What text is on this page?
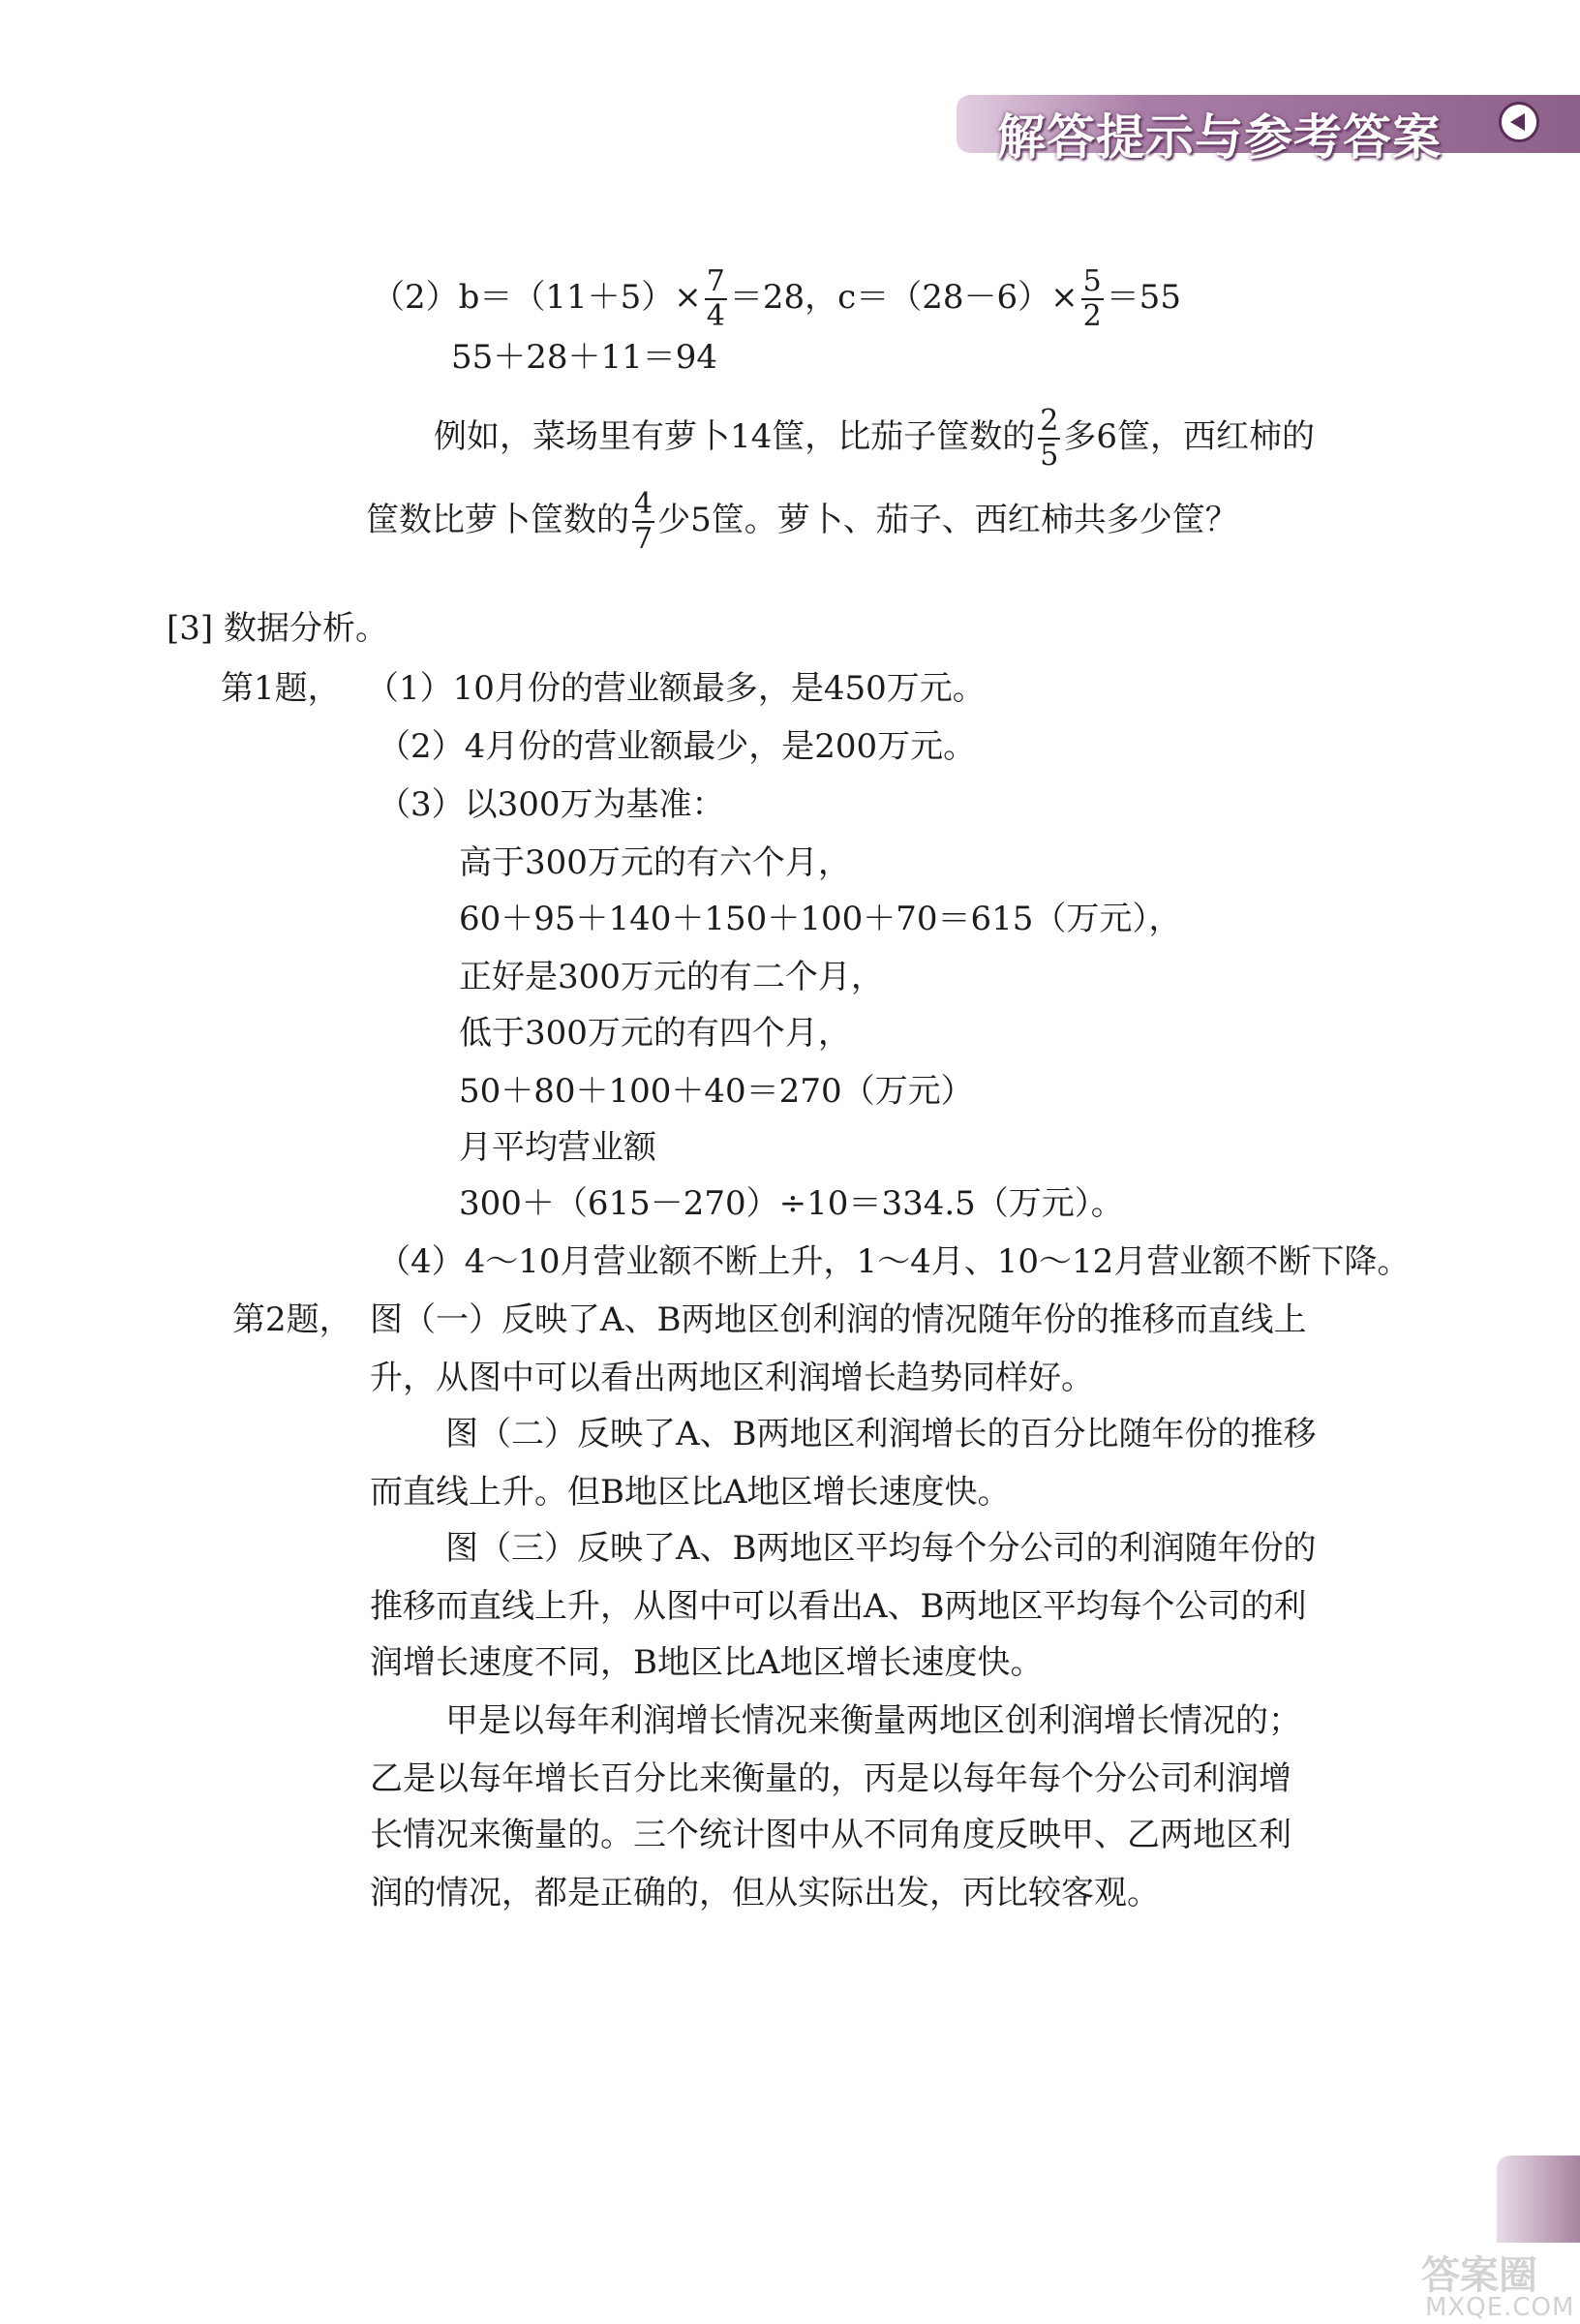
解答提示与参考答案
$(2)b=(11+5)\times \frac{7}{4} =28$，$c=(28-6)\times \frac{5}{2} =55$
55＋28＋11＝94
例如，菜场里有萝卜14筐，比茄子筐数的 $\frac{2}{5}$ 多6筐，西红柿的
筐数比萝卜筐数的 $\frac{4}{7}$ 少5筐。萝卜、茄子、西红柿共多少筐？
[3] 数据分析。
第1题， （1）10月份的营业额最多，是450万元。
（2）4月份的营业额最少，是200万元。
（3）以300万为基准：
高于300万元的有六个月，
60＋95＋140＋150＋100＋70＝615（万元），
正好是300万元的有二个月，
低于300万元的有四个月，
50＋80＋100＋40＝270（万元）
月平均营业额
300＋（615－270）÷10＝334.5（万元）。
（4）4～10月营业额不断上升，1～4月、10～12月营业额不断下降。
第2题， 图（一）反映了A、B两地区创利润的情况随年份的推移而直线上
升，从图中可以看出两地区利润增长趋势同样好。
图（二）反映了A、B两地区利润增长的百分比随年份的推移
而直线上升。但B地区比A地区增长速度快。
图（三）反映了A、B两地区平均每个分公司的利润随年份的
推移而直线上升，从图中可以看出A、B两地区平均每个公司的利
润增长速度不同，B地区比A地区增长速度快。
甲是以每年利润增长情况来衡量两地区创利润增长情况的；
乙是以每年增长百分比来衡量的，丙是以每年每个分公司利润增
长情况来衡量的。三个统计图中从不同角度反映甲、乙两地区利
润的情况，都是正确的，但从实际出发，丙比较客观。
答案圈
MXQE.COM
